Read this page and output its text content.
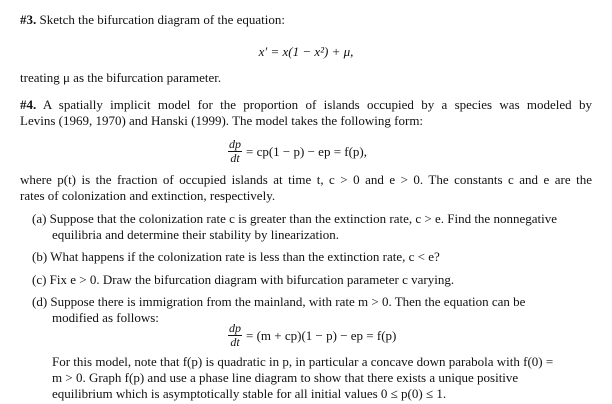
#3. Sketch the bifurcation diagram of the equation:
x′ = x(1 − x²) + μ,
treating μ as the bifurcation parameter.
#4. A spatially implicit model for the proportion of islands occupied by a species was modeled by
Levins (1969, 1970) and Hanski (1999). The model takes the following form:
$\frac{dp}{dt} = cp(1 - p)$ − ep = f(p),
where p(t) is the fraction of occupied islands at time t, c > 0 and e > 0. The constants c and e are the
rates of colonization and extinction, respectively.
(a) Suppose that the colonization rate c is greater than the extinction rate, c > e. Find the nonnegative
equilibria and determine their stability by linearization.
(b) What happens if the colonization rate is less than the extinction rate, c < e?
(c) Fix e > 0. Draw the bifurcation diagram with bifurcation parameter c varying.
(d) Suppose there is immigration from the mainland, with rate m > 0. Then the equation can be
modified as follows:
$\frac{dp}{dt} = (m + cp)(1 - p)$ − ep = f(p)
For this model, note that f(p) is quadratic in p, in particular a concave down parabola with f(0) =
m > 0. Graph f(p) and use a phase line diagram to show that there exists a unique positive
equilibrium which is asymptotically stable for all initial values 0 ≤ p(0) ≤ 1.
